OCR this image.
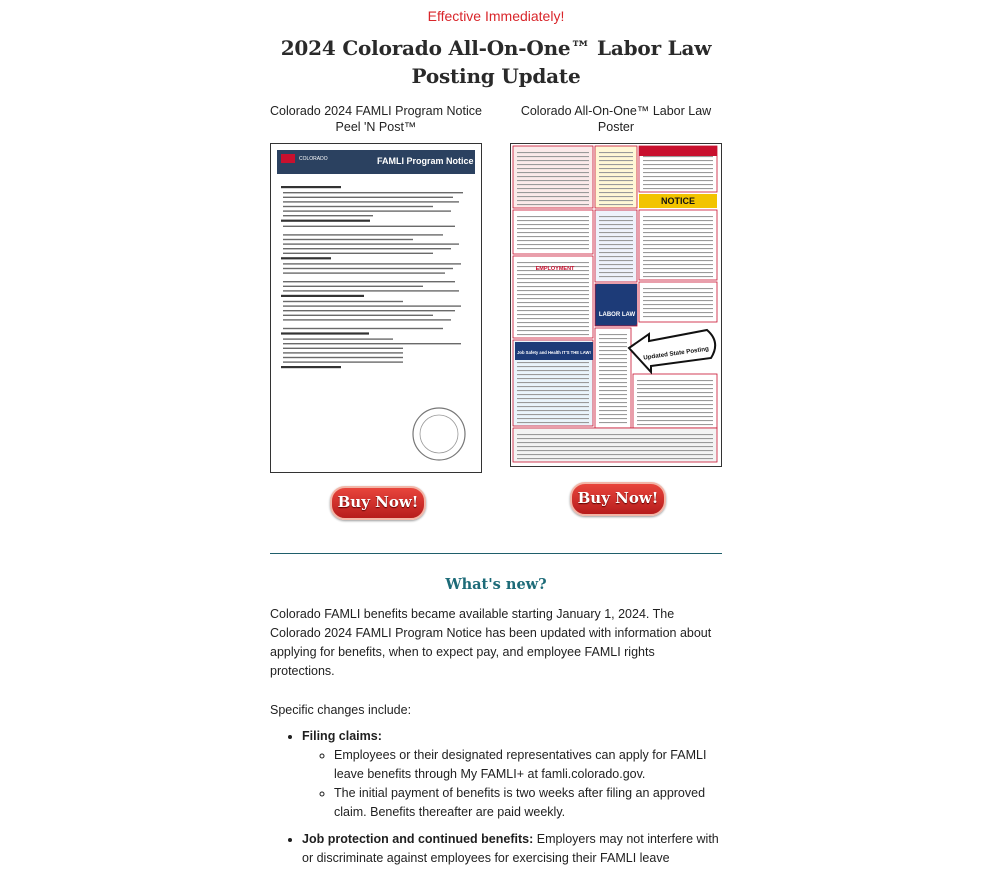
Effective Immediately!
2024 Colorado All-On-One™ Labor Law Posting Update
Colorado 2024 FAMLI Program Notice Peel 'N Post™
Colorado All-On-One™ Labor Law Poster
COLORADO	FAMLI Program Notice
NOTICE
LABOR LAW
EMPLOYMENT
Job Safety and Health IT'S THE LAW!	Updated State Posting
Buy Now!	Buy Now!
What's new?
Colorado FAMLI benefits became available starting January 1, 2024. The Colorado 2024 FAMLI Program Notice has been updated with information about applying for benefits, when to expect pay, and employee FAMLI rights protections.
Specific changes include:
• Filing claims:
◦ Employees or their designated representatives can apply for FAMLI leave benefits through My FAMLI+ at famli.colorado.gov.
◦ The initial payment of benefits is two weeks after filing an approved claim. Benefits thereafter are paid weekly.
• Job protection and continued benefits: Employers may not interfere with or discriminate against employees for exercising their FAMLI leave
